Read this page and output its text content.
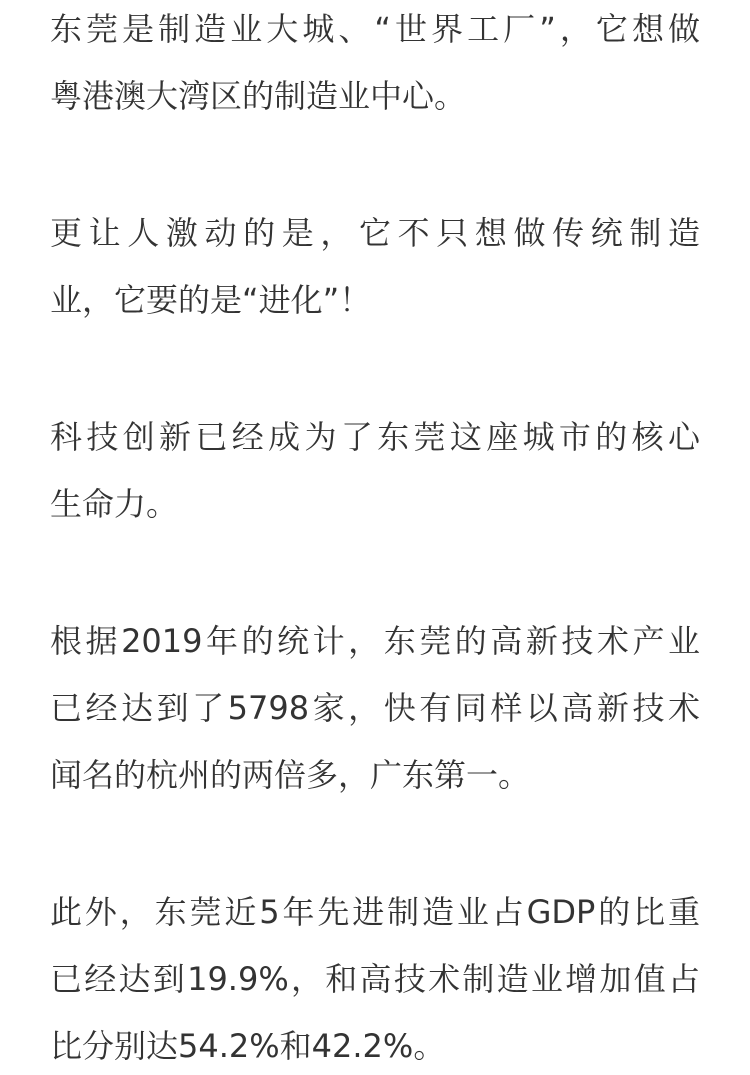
东莞是制造业大城、“世界工厂”，它想做
粤港澳大湾区的制造业中心。
更让人激动的是，它不只想做传统制造
业，它要的是“进化”！
科技创新已经成为了东莞这座城市的核心
生命力。
根据2019年的统计，东莞的高新技术产业
已经达到了5798家，快有同样以高新技术
闻名的杭州的两倍多，广东第一。
此外，东莞近5年先进制造业占GDP的比重
已经达到19.9%，和高技术制造业增加值占
比分别达54.2%和42.2%。
